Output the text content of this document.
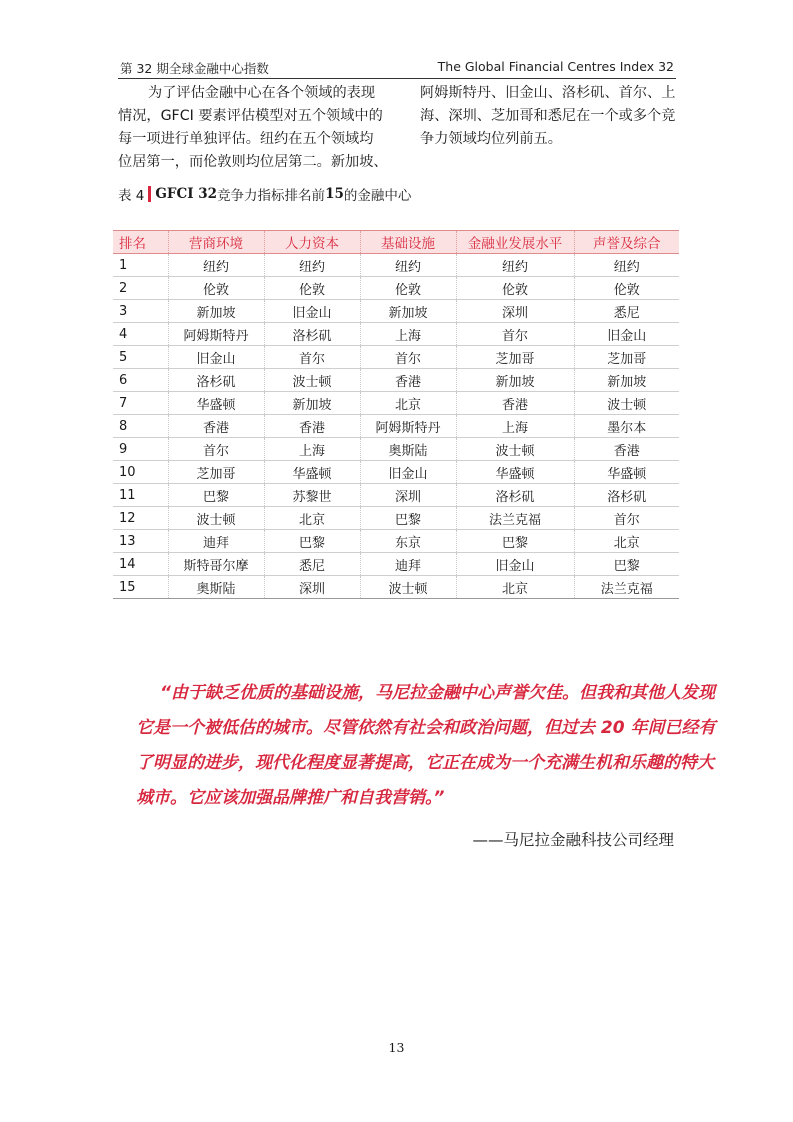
第 32 期全球金融中心指数	The Global Financial Centres Index 32
为了评估金融中心在各个领域的表现
情况，GFCI 要素评估模型对五个领域中的
每一项进行单独评估。纽约在五个领域均
位居第一，而伦敦则均位居第二。新加坡、
阿姆斯特丹、旧金山、洛杉矶、首尔、上
海、深圳、芝加哥和悉尼在一个或多个竞
争力领域均位列前五。
表 4 GFCI 32 竞争力指标排名前 15 的金融中心
排名	营商环境	人力资本	基础设施	金融业发展水平	声誉及综合
1	纽约	纽约	纽约	纽约	纽约
2	伦敦	伦敦	伦敦	伦敦	伦敦
3	新加坡	旧金山	新加坡	深圳	悉尼
4	阿姆斯特丹	洛杉矶	上海	首尔	旧金山
5	旧金山	首尔	首尔	芝加哥	芝加哥
6	洛杉矶	波士顿	香港	新加坡	新加坡
7	华盛顿	新加坡	北京	香港	波士顿
8	香港	香港	阿姆斯特丹	上海	墨尔本
9	首尔	上海	奥斯陆	波士顿	香港
10	芝加哥	华盛顿	旧金山	华盛顿	华盛顿
11	巴黎	苏黎世	深圳	洛杉矶	洛杉矶
12	波士顿	北京	巴黎	法兰克福	首尔
13	迪拜	巴黎	东京	巴黎	北京
14	斯特哥尔摩	悉尼	迪拜	旧金山	巴黎
15	奥斯陆	深圳	波士顿	北京	法兰克福
“由于缺乏优质的基础设施，马尼拉金融中心声誉欠佳。但我和其他人发现
它是一个被低估的城市。尽管依然有社会和政治问题，但过去 20 年间已经有
了明显的进步，现代化程度显著提高，它正在成为一个充满生机和乐趣的特大
城市。它应该加强品牌推广和自我营销。”
——马尼拉金融科技公司经理
13
